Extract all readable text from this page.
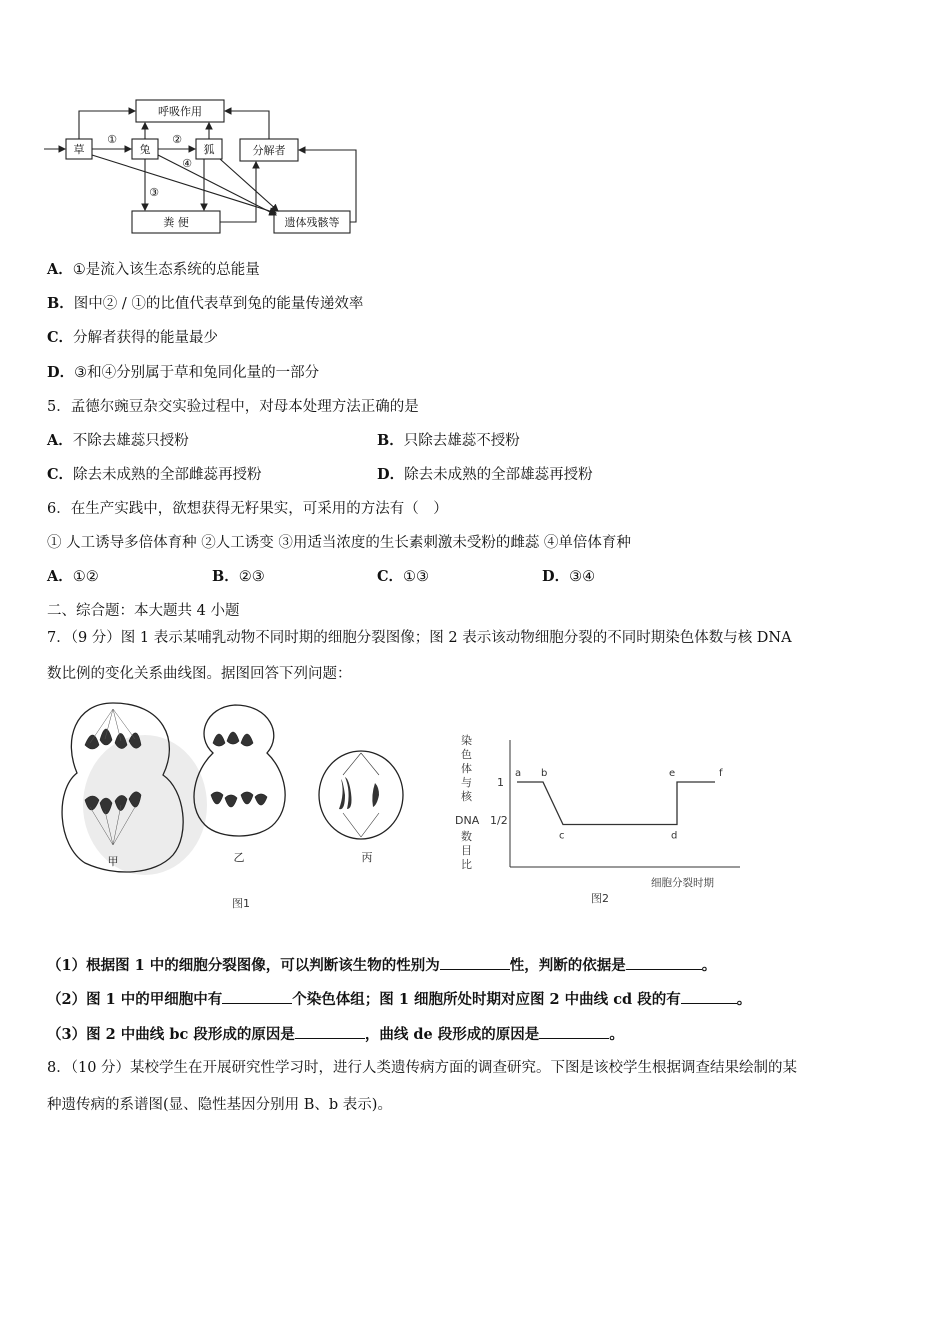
呼吸作用
草	兔	狐	分解者
粪 便	遗体残骸等
①	②
④
③
A．①是流入该生态系统的总能量
B．图中② / ①的比值代表草到兔的能量传递效率
C．分解者获得的能量最少
D．③和④分别属于草和兔同化量的一部分
5．孟德尔豌豆杂交实验过程中，对母本处理方法正确的是
A．不除去雄蕊只授粉	B．只除去雄蕊不授粉
C．除去未成熟的全部雌蕊再授粉	D．除去未成熟的全部雄蕊再授粉
6．在生产实践中，欲想获得无籽果实，可采用的方法有（　）
① 人工诱导多倍体育种 ②人工诱变 ③用适当浓度的生长素刺激未受粉的雌蕊 ④单倍体育种
A．①②	B．②③	C．①③	D．③④
二、综合题：本大题共 4 小题
7．（9 分）图 1 表示某哺乳动物不同时期的细胞分裂图像；图 2 表示该动物细胞分裂的不同时期染色体数与核 DNA
数比例的变化关系曲线图。据图回答下列问题：
甲	乙	丙
图1
染
色
体
与
核
DNA
数
目
比
1
1/2
细胞分裂时期
图2
a b
c	d
e	f
（1）根据图 1 中的细胞分裂图像，可以判断该生物的性别为	性，判断的依据是	。
（2）图 1 中的甲细胞中有	个染色体组；图 1 细胞所处时期对应图 2 中曲线 cd 段的有	。
（3）图 2 中曲线 bc 段形成的原因是	，曲线 de 段形成的原因是	。
8．（10 分）某校学生在开展研究性学习时，进行人类遗传病方面的调查研究。下图是该校学生根据调查结果绘制的某
种遗传病的系谱图(显、隐性基因分别用 B、b 表示)。
